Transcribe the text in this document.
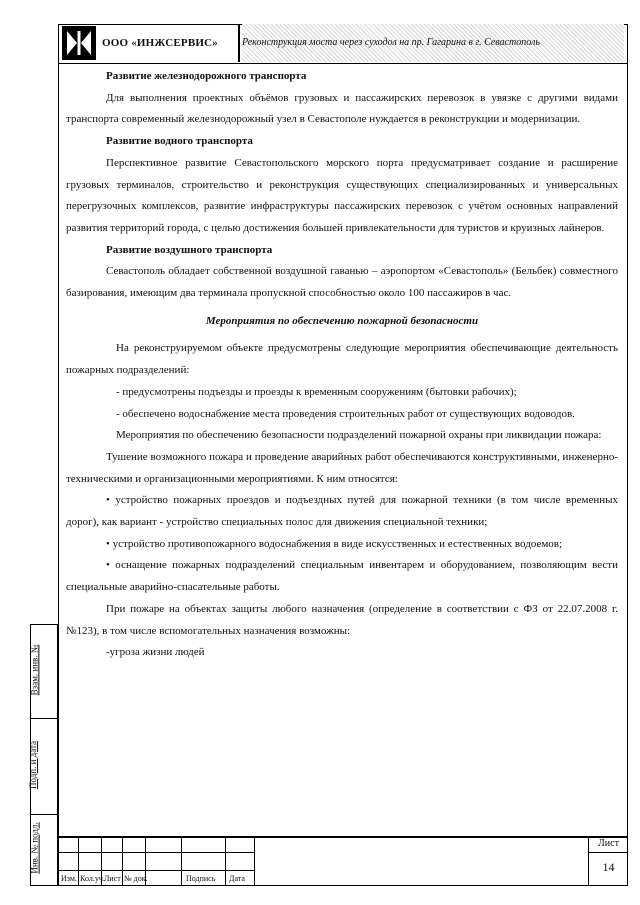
ООО «ИНЖСЕРВИС»	Реконструкция моста через суходол на пр. Гагарина в г. Севастополь

Развитие железнодорожного транспорта

Для выполнения проектных объёмов грузовых и пассажирских перевозок в увязке с другими видами транспорта современный железнодорожный узел в Севастополе нуждается в реконструкции и модернизации.

Развитие водного транспорта

Перспективное развитие Севастопольского морского порта предусматривает создание и расширение грузовых терминалов, строительство и реконструкция существующих специализированных и универсальных перегрузочных комплексов, развитие инфраструктуры пассажирских перевозок с учётом основных направлений развития территорий города, с целью достижения большей привлекательности для туристов и круизных лайнеров.

Развитие воздушного транспорта

Севастополь обладает собственной воздушной гаванью – аэропортом «Севастополь» (Бельбек) совместного базирования, имеющим два терминала пропускной способностью около 100 пассажиров в час.

Мероприятия по обеспечению пожарной безопасности

На реконструируемом объекте предусмотрены следующие мероприятия обеспечивающие деятельность пожарных подразделений:

- предусмотрены подъезды и проезды к временным сооружениям (бытовки рабочих);

- обеспечено водоснабжение места проведения строительных работ от существующих водоводов.

Мероприятия по обеспечению безопасности подразделений пожарной охраны при ликвидации пожара:

Тушение возможного пожара и проведение аварийных работ обеспечиваются конструктивными, инженерно-техническими и организационными мероприятиями. К ним относятся:

• устройство пожарных проездов и подъездных путей для пожарной техники (в том числе временных дорог), как вариант - устройство специальных полос для движения специальной техники;

• устройство противопожарного водоснабжения в виде искусственных и естественных водоемов;

• оснащение пожарных подразделений специальным инвентарем и оборудованием, позволяющим вести специальные аварийно-спасательные работы.

При пожаре на объектах защиты любого назначения (определение в соответствии с ФЗ от 22.07.2008 г. №123), в том числе вспомогательных назначения возможны:

-угроза жизни людей

Взам. инв. №
Подп. и дата
Инв. № подл.
Изм. Кол.уч. Лист № док.	Подпись Дата
Лист
14
